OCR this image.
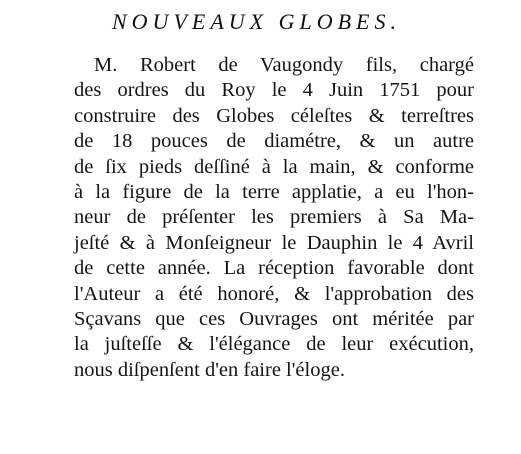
NOUVEAUX GLOBES.

M. Robert de Vaugondy fils, chargé
des ordres du Roy le 4 Juin 1751 pour
construire des Globes céleſtes & terreſtres
de 18 pouces de diamétre, & un autre
de ſix pieds deſſiné à la main, & conforme
à la figure de la terre applatie, a eu l'hon-
neur de préſenter les premiers à Sa Ma-
jeſté & à Monſeigneur le Dauphin le 4 Avril
de cette année. La réception favorable dont
l'Auteur a été honoré, & l'approbation des
Sçavans que ces Ouvrages ont méritée par
la juſteſſe & l'élégance de leur exécution,
nous diſpenſent d'en faire l'éloge.
